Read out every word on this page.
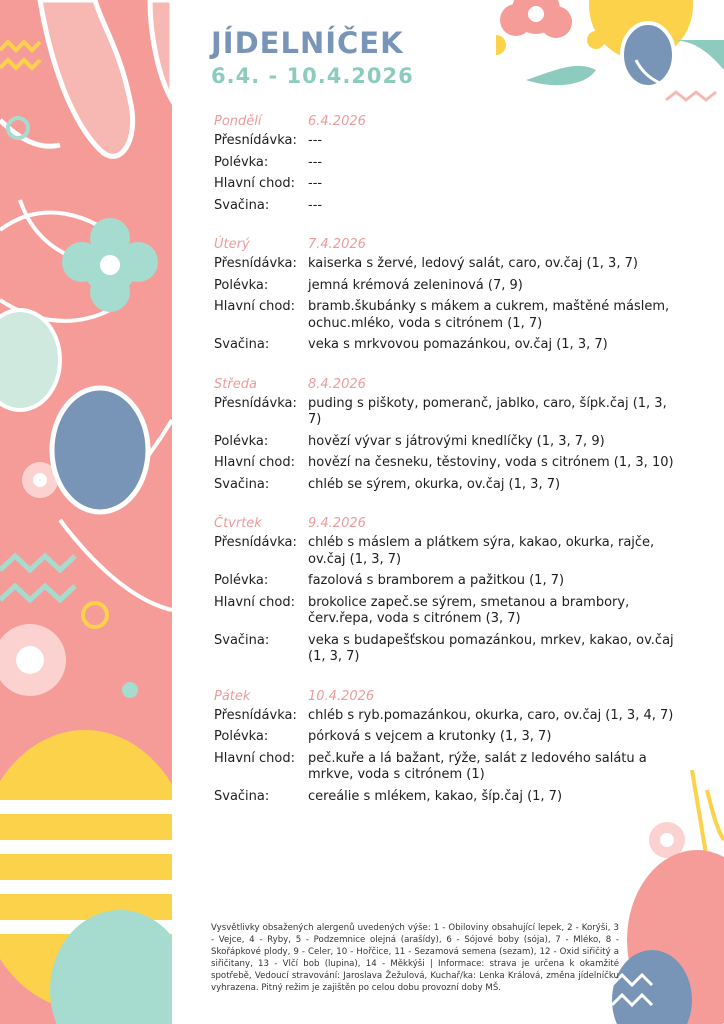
JÍDELNÍČEK
6.4. - 10.4.2026
Pondělí	6.4.2026
Přesnídávka: ---
Polévka:	---
Hlavní chod: ---
Svačina:	---
Úterý	7.4.2026
Přesnídávka: kaiserka s žervé, ledový salát, caro, ov.čaj (1, 3, 7)
Polévka:	jemná krémová zeleninová (7, 9)
Hlavní chod: bramb.škubánky s mákem a cukrem, maštěné máslem, ochuc.mléko, voda s citrónem (1, 7)
Svačina:	veka s mrkvovou pomazánkou, ov.čaj (1, 3, 7)
Středa	8.4.2026
Přesnídávka: puding s piškoty, pomeranč, jablko, caro, šípk.čaj (1, 3, 7)
Polévka:	hovězí vývar s játrovými knedlíčky (1, 3, 7, 9)
Hlavní chod: hovězí na česneku, těstoviny, voda s citrónem (1, 3, 10)
Svačina:	chléb se sýrem, okurka, ov.čaj (1, 3, 7)
Čtvrtek	9.4.2026
Přesnídávka: chléb s máslem a plátkem sýra, kakao, okurka, rajče, ov.čaj (1, 3, 7)
Polévka:	fazolová s bramborem a pažitkou (1, 7)
Hlavní chod: brokolice zapeč.se sýrem, smetanou a brambory, červ.řepa, voda s citrónem (3, 7)
Svačina:	veka s budapešťskou pomazánkou, mrkev, kakao, ov.čaj (1, 3, 7)
Pátek	10.4.2026
Přesnídávka: chléb s ryb.pomazánkou, okurka, caro, ov.čaj (1, 3, 4, 7)
Polévka:	pórková s vejcem a krutonky (1, 3, 7)
Hlavní chod: peč.kuře a lá bažant, rýže, salát z ledového salátu a mrkve, voda s citrónem (1)
Svačina:	cereálie s mlékem, kakao, šíp.čaj (1, 7)
Vysvětlivky obsažených alergenů uvedených výše: 1 - Obiloviny obsahující lepek, 2 - Korýši, 3 - Vejce, 4 - Ryby, 5 - Podzemnice olejná (arašídy), 6 - Sójové boby (sója), 7 - Mléko, 8 - Skořápkové plody, 9 - Celer, 10 - Hořčice, 11 - Sezamová semena (sezam), 12 - Oxid siřičitý a siřičitany, 13 - Vlčí bob (lupina), 14 - Měkkýši | Informace: strava je určena k okamžité spotřebě, Vedoucí stravování: Jaroslava Žežulová, Kuchař/ka: Lenka Králová, změna jídelníčku vyhrazena. Pitný režim je zajištěn po celou dobu provozní doby MŠ.
